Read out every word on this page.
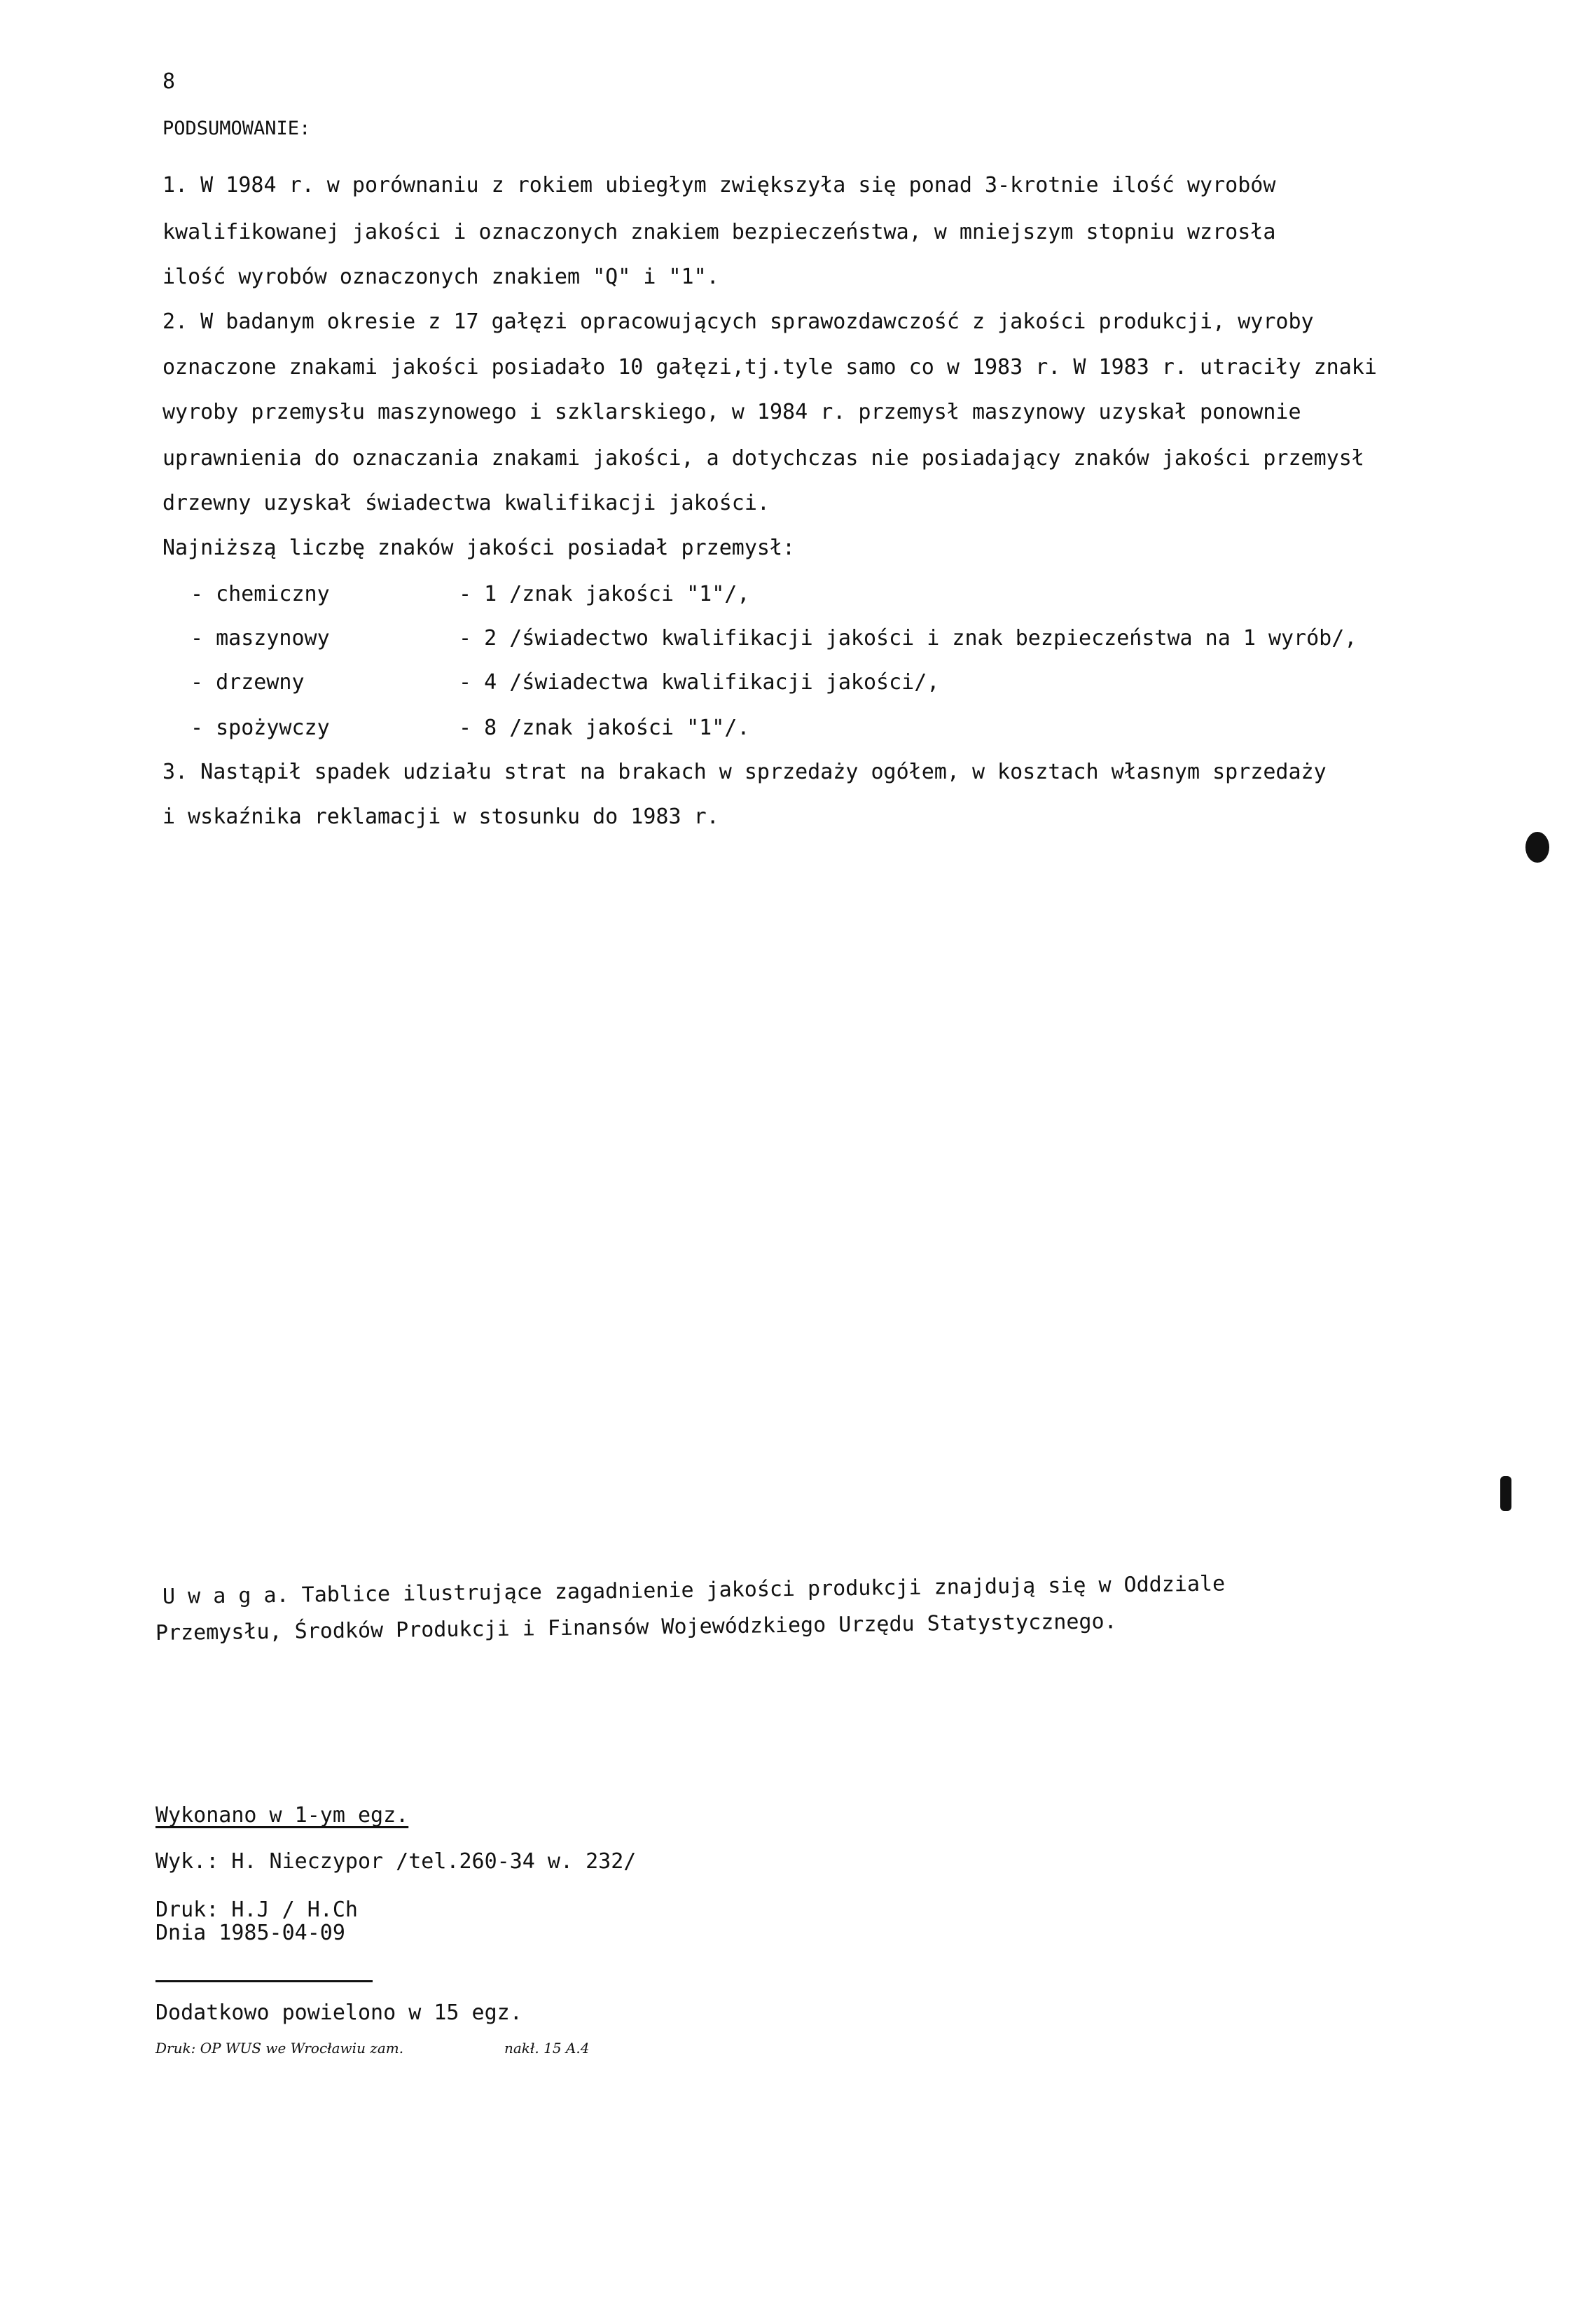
8
PODSUMOWANIE:
1. W 1984 r. w porównaniu z rokiem ubiegłym zwiększyła się ponad 3-krotnie ilość wyrobów
kwalifikowanej jakości i oznaczonych znakiem bezpieczeństwa, w mniejszym stopniu wzrosła
ilość wyrobów oznaczonych znakiem "Q" i "1".
2. W badanym okresie z 17 gałęzi opracowujących sprawozdawczość z jakości produkcji, wyroby
oznaczone znakami jakości posiadało 10 gałęzi,tj.tyle samo co w 1983 r. W 1983 r. utraciły znaki
wyroby przemysłu maszynowego i szklarskiego, w 1984 r. przemysł maszynowy uzyskał ponownie
uprawnienia do oznaczania znakami jakości, a dotychczas nie posiadający znaków jakości przemysł
drzewny uzyskał świadectwa kwalifikacji jakości.
Najniższą liczbę znaków jakości posiadał przemysł:
- chemiczny	- 1 /znak jakości "1"/,
- maszynowy	- 2 /świadectwo kwalifikacji jakości i znak bezpieczeństwa na 1 wyrób/,
- drzewny	- 4 /świadectwa kwalifikacji jakości/,
- spożywczy	- 8 /znak jakości "1"/.
3. Nastąpił spadek udziału strat na brakach w sprzedaży ogółem, w kosztach własnym sprzedaży
i wskaźnika reklamacji w stosunku do 1983 r.
U w a g a. Tablice ilustrujące zagadnienie jakości produkcji znajdują się w Oddziale
Przemysłu, Środków Produkcji i Finansów Wojewódzkiego Urzędu Statystycznego.
Wykonano w 1-ym egz.
Wyk.: H. Nieczypor /tel.260-34 w. 232/
Druk: H.J / H.Ch
Dnia 1985-04-09
Dodatkowo powielono w 15 egz.
Druk: OP WUS we Wrocławiu zam.	nakł. 15 A.4
